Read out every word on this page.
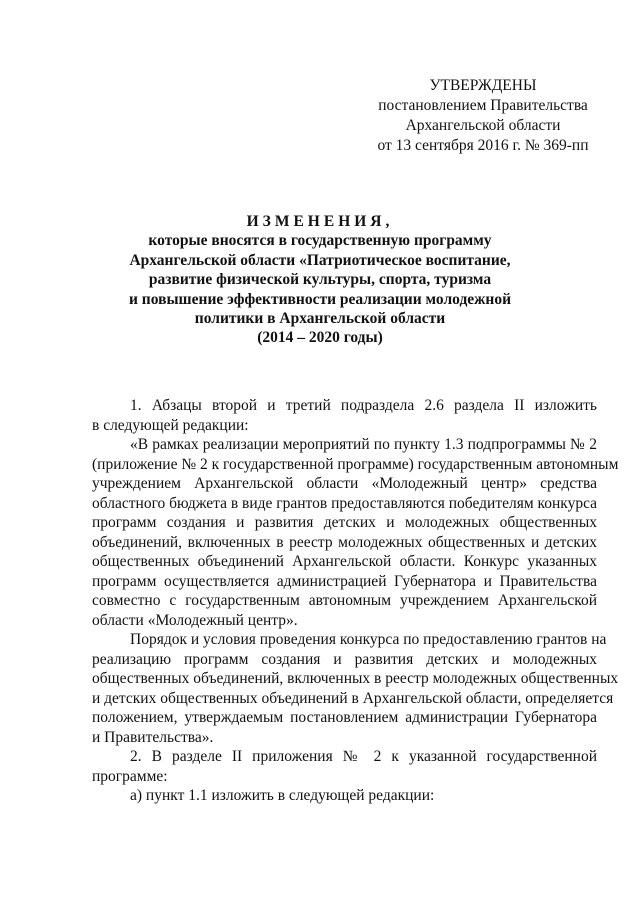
УТВЕРЖДЕНЫ
постановлением Правительства
Архангельской области
от 13 сентября 2016 г. № 369-пп
ИЗМЕНЕНИЯ,
которые вносятся в государственную программу
Архангельской области «Патриотическое воспитание,
развитие физической культуры, спорта, туризма
и повышение эффективности реализации молодежной
политики в Архангельской области
(2014 – 2020 годы)
1. Абзацы второй и третий подраздела 2.6 раздела II изложить
в следующей редакции:
«В рамках реализации мероприятий по пункту 1.3 подпрограммы № 2
(приложение № 2 к государственной программе) государственным автономным
учреждением Архангельской области «Молодежный центр» средства
областного бюджета в виде грантов предоставляются победителям конкурса
программ создания и развития детских и молодежных общественных
объединений, включенных в реестр молодежных общественных и детских
общественных объединений Архангельской области. Конкурс указанных
программ осуществляется администрацией Губернатора и Правительства
совместно с государственным автономным учреждением Архангельской
области «Молодежный центр».
Порядок и условия проведения конкурса по предоставлению грантов на
реализацию программ создания и развития детских и молодежных
общественных объединений, включенных в реестр молодежных общественных
и детских общественных объединений в Архангельской области, определяется
положением, утверждаемым постановлением администрации Губернатора
и Правительства».
2. В разделе II приложения № 2 к указанной государственной
программе:
а) пункт 1.1 изложить в следующей редакции:
